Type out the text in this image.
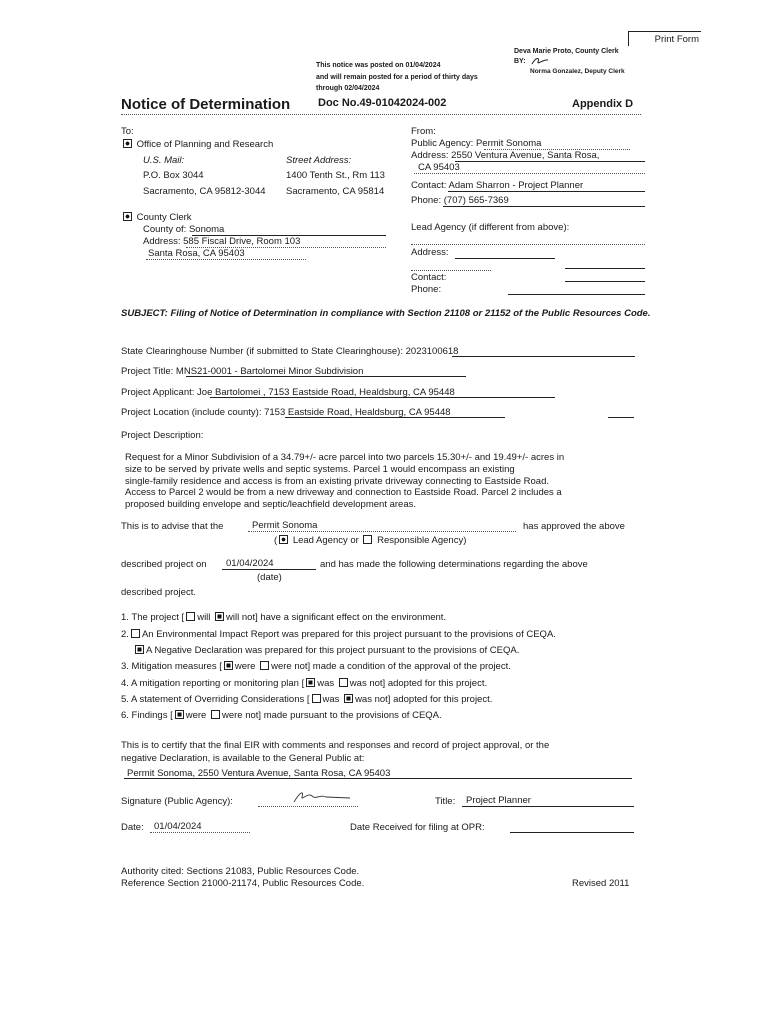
Print Form
Deva Marie Proto, County Clerk
BY:
Norma Gonzalez, Deputy Clerk
This notice was posted on 01/04/2024
and will remain posted for a period of thirty days
through 02/04/2024
Notice of Determination	Doc No.49-01042024-002	Appendix D
To:
Office of Planning and Research
U.S. Mail:	Street Address:
P.O. Box 3044	1400 Tenth St., Rm 113
Sacramento, CA 95812-3044 Sacramento, CA 95814
County Clerk
County of: Sonoma
Address: 585 Fiscal Drive, Room 103
Santa Rosa, CA 95403
From:
Public Agency: Permit Sonoma
Address: 2550 Ventura Avenue, Santa Rosa,
CA 95403
Contact: Adam Sharron - Project Planner
Phone: (707) 565-7369
Lead Agency (if different from above):
Address:
Contact:
Phone:
SUBJECT: Filing of Notice of Determination in compliance with Section 21108 or 21152 of the Public Resources Code.
State Clearinghouse Number (if submitted to State Clearinghouse): 2023100618
Project Title: MNS21-0001 - Bartolomei Minor Subdivision
Project Applicant: Joe Bartolomei , 7153 Eastside Road, Healdsburg, CA 95448
Project Location (include county): 7153 Eastside Road, Healdsburg, CA 95448
Project Description:

Request for a Minor Subdivision of a 34.79+/- acre parcel into two parcels 15.30+/- and 19.49+/- acres in

size to be served by private wells and septic systems. Parcel 1 would encompass an existing

single-family residence and access is from an existing private driveway connecting to Eastside Road.

Access to Parcel 2 would be from a new driveway and connection to Eastside Road. Parcel 2 includes a

proposed building envelope and septic/leachfield development areas.

This is to advise that the	Permit Sonoma	has approved the above
( Lead Agency or Responsible Agency)
described project on 01/04/2024
(date)
and has made the following determinations regarding the above
described project.
1. The project [ will will not] have a significant effect on the environment.
2. An Environmental Impact Report was prepared for this project pursuant to the provisions of CEQA.
A Negative Declaration was prepared for this project pursuant to the provisions of CEQA.
3. Mitigation measures [ were were not] made a condition of the approval of the project.
4. A mitigation reporting or monitoring plan [ was was not] adopted for this project.
5. A statement of Overriding Considerations [ was was not] adopted for this project.
6. Findings [ were were not] made pursuant to the provisions of CEQA.
This is to certify that the final EIR with comments and responses and record of project approval, or the
negative Declaration, is available to the General Public at:
Permit Sonoma, 2550 Ventura Avenue, Santa Rosa, CA 95403
Signature (Public Agency):	Title: Project Planner
Date: 01/04/2024	Date Received for filing at OPR:
Authority cited: Sections 21083, Public Resources Code.
Reference Section 21000-21174, Public Resources Code.	Revised 2011
